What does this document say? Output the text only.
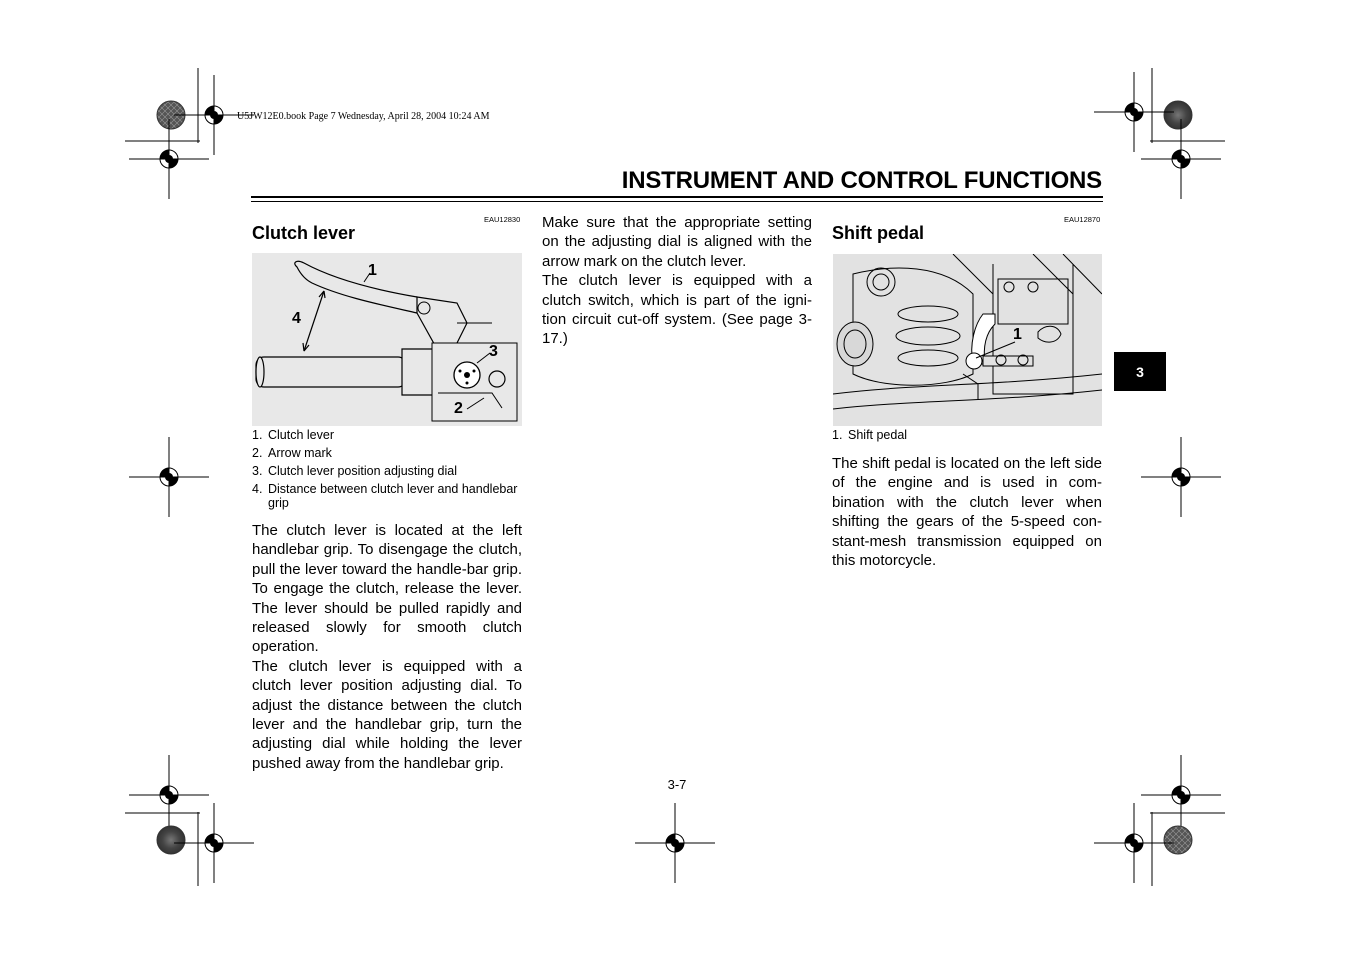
U5JW12E0.book Page 7 Wednesday, April 28, 2004 10:24 AM
INSTRUMENT AND CONTROL FUNCTIONS
EAU12830
Clutch lever
1
2
3
4
1. Clutch lever
2. Arrow mark
3. Clutch lever position adjusting dial
4. Distance between clutch lever and handlebar grip

The clutch lever is located at the left handlebar grip. To disengage the clutch, pull the lever toward the handle-bar grip. To engage the clutch, release the lever. The lever should be pulled rapidly and released slowly for smooth clutch operation.

The clutch lever is equipped with a clutch lever position adjusting dial. To adjust the distance between the clutch lever and the handlebar grip, turn the adjusting dial while holding the lever pushed away from the handlebar grip.

Make sure that the appropriate setting on the adjusting dial is aligned with the arrow mark on the clutch lever.

The clutch lever is equipped with a clutch switch, which is part of the igni-tion circuit cut-off system. (See page 3-17.)

EAU12870
Shift pedal
1
1. Shift pedal

The shift pedal is located on the left side of the engine and is used in com-bination with the clutch lever when shifting the gears of the 5-speed con-stant-mesh transmission equipped on this motorcycle.

3
3-7
